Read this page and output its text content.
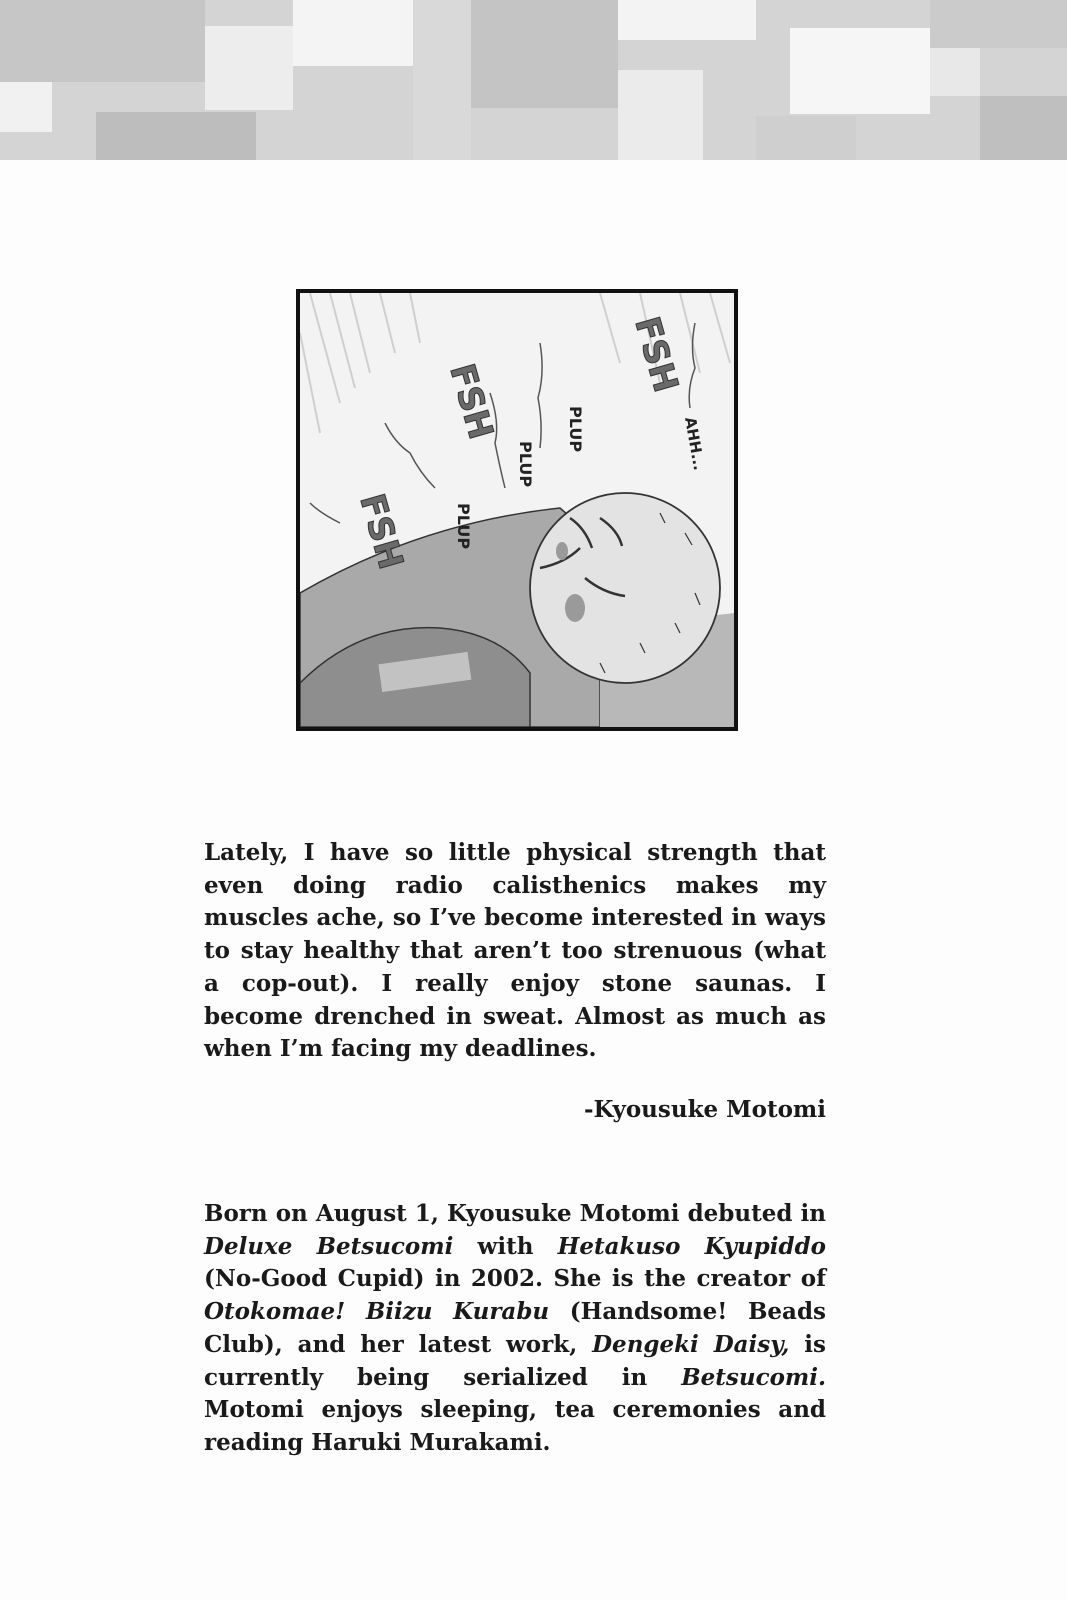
FSH
FSH
FSH
PLUP
PLUP
PLUP	AHH...

Lately, I have so little physical strength that even doing radio calisthenics makes my muscles ache, so I’ve become interested in ways to stay healthy that aren’t too strenuous (what a cop-out). I really enjoy stone saunas. I become drenched in sweat. Almost as much as when I’m facing my deadlines.

-Kyousuke Motomi

Born on August 1, Kyousuke Motomi debuted in Deluxe Betsucomi with Hetakuso Kyupiddo (No-Good Cupid) in 2002. She is the creator of Otokomae! Biizu Kurabu (Handsome! Beads Club), and her latest work, Dengeki Daisy, is currently being serialized in Betsucomi. Motomi enjoys sleeping, tea ceremonies and reading Haruki Murakami.
